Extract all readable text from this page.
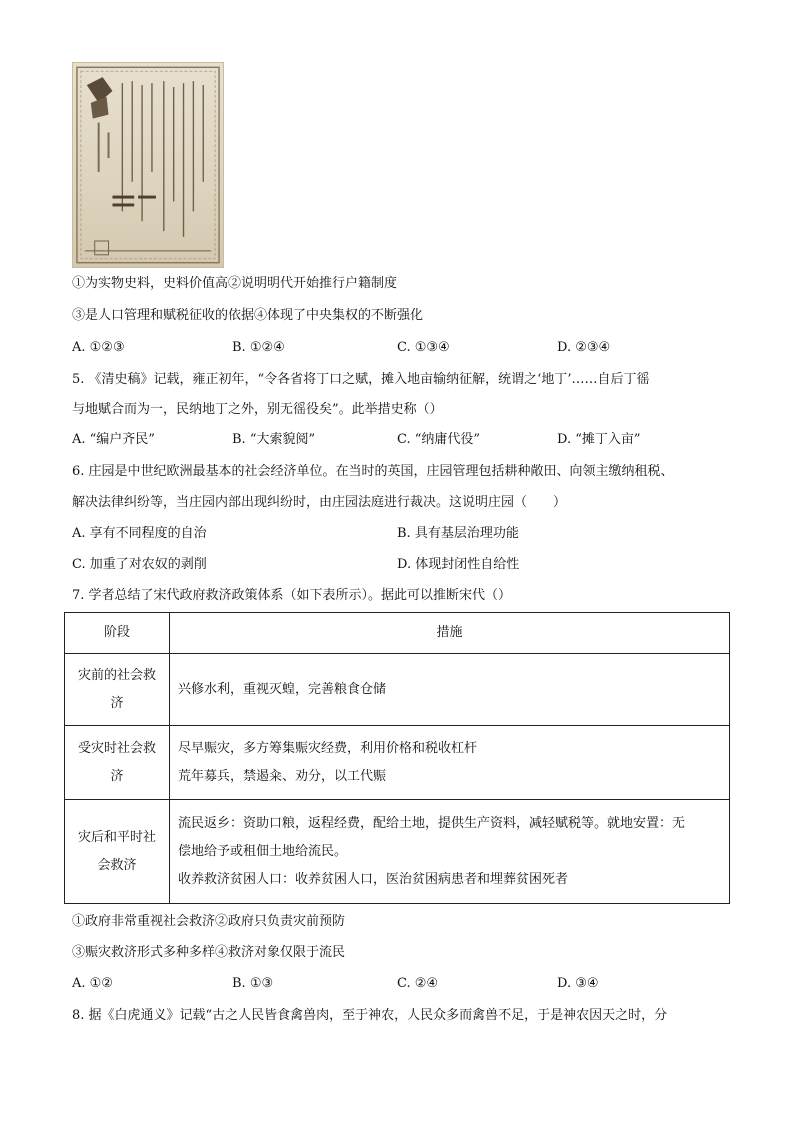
①为实物史料，史料价值高②说明明代开始推行户籍制度
③是人口管理和赋税征收的依据④体现了中央集权的不断强化
A. ①②③	B. ①②④	C. ①③④	D. ②③④
5. 《清史稿》记载，雍正初年，“令各省将丁口之赋，摊入地亩输纳征解，统谓之‘地丁’……自后丁徭
与地赋合而为一，民纳地丁之外，别无徭役矣”。此举措史称（）
A. “编户齐民”	B. “大索貌阅”	C. “纳庸代役”	D. “摊丁入亩”
6. 庄园是中世纪欧洲最基本的社会经济单位。在当时的英国，庄园管理包括耕种敞田、向领主缴纳租税、
解决法律纠纷等，当庄园内部出现纠纷时，由庄园法庭进行裁决。这说明庄园（　　）
A. 享有不同程度的自治	B. 具有基层治理功能
C. 加重了对农奴的剥削	D. 体现封闭性自给性
7. 学者总结了宋代政府救济政策体系（如下表所示）。据此可以推断宋代（）
阶段	措施

灾前的社会救
济	兴修水利，重视灭蝗，完善粮食仓储

受灾时社会救
济	尽早赈灾，多方筹集赈灾经费，利用价格和税收杠杆
荒年募兵，禁遏籴、劝分，以工代赈

灾后和平时社
会救济	流民返乡：资助口粮，返程经费，配给土地，提供生产资料，减轻赋税等。就地安置：无
偿地给予或租佃土地给流民。
收养救济贫困人口：收养贫困人口，医治贫困病患者和埋葬贫困死者
①政府非常重视社会救济②政府只负责灾前预防
③赈灾救济形式多种多样④救济对象仅限于流民
A. ①②	B. ①③	C. ②④	D. ③④
8. 据《白虎通义》记载“古之人民皆食禽兽肉，至于神农，人民众多而禽兽不足，于是神农因天之时，分
